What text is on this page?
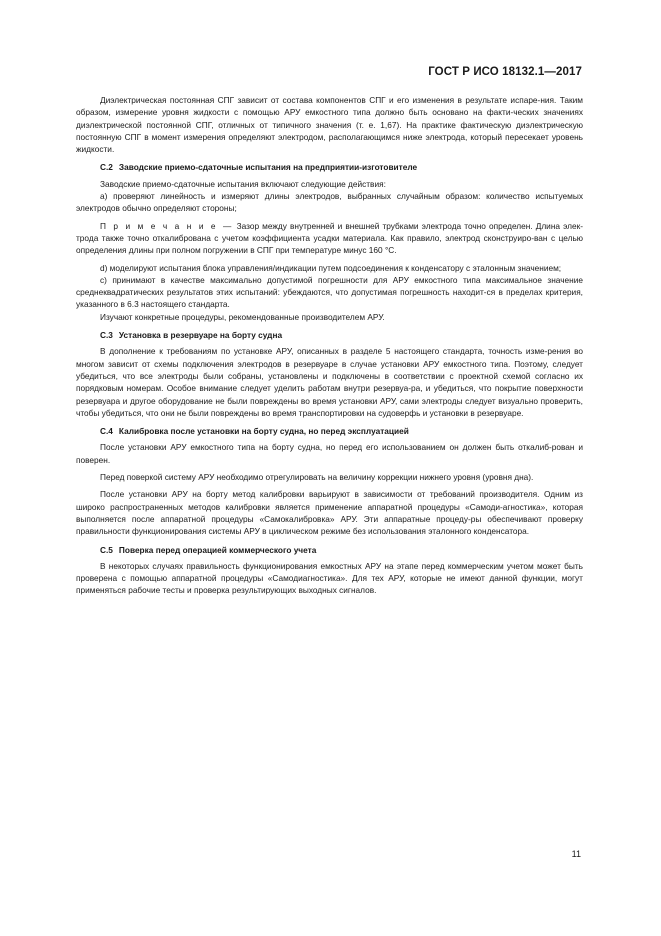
ГОСТ Р ИСО 18132.1—2017

Диэлектрическая постоянная СПГ зависит от состава компонентов СПГ и его изменения в результате испаре-ния. Таким образом, измерение уровня жидкости с помощью АРУ емкостного типа должно быть основано на факти-ческих значениях диэлектрической постоянной СПГ, отличных от типичного значения (т. е. 1,67). На практике фактическую диэлектрическую постоянную СПГ в момент измерения определяют электродом, располагающимся ниже электрода, который пересекает уровень жидкости.

С.2 Заводские приемо-сдаточные испытания на предприятии-изготовителе

Заводские приемо-сдаточные испытания включают следующие действия:

а) проверяют линейность и измеряют длины электродов, выбранных случайным образом: количество испытуемых электродов обычно определяют стороны;

П р и м е ч а н и е — Зазор между внутренней и внешней трубками электрода точно определен. Длина элек-трода также точно откалибрована с учетом коэффициента усадки материала. Как правило, электрод сконструиро-ван с целью определения длины при полном погружении в СПГ при температуре минус 160 °С.

d) моделируют испытания блока управления/индикации путем подсоединения к конденсатору с эталонным значением;

с) принимают в качестве максимально допустимой погрешности для АРУ емкостного типа максимальное значение среднеквадратических результатов этих испытаний: убеждаются, что допустимая погрешность находит-ся в пределах критерия, указанного в 6.3 настоящего стандарта.

Изучают конкретные процедуры, рекомендованные производителем АРУ.

С.3 Установка в резервуаре на борту судна

В дополнение к требованиям по установке АРУ, описанных в разделе 5 настоящего стандарта, точность изме-рения во многом зависит от схемы подключения электродов в резервуаре в случае установки АРУ емкостного типа. Поэтому, следует убедиться, что все электроды были собраны, установлены и подключены в соответствии с проектной схемой согласно их порядковым номерам. Особое внимание следует уделить работам внутри резервуа-ра, и убедиться, что покрытие поверхности резервуара и другое оборудование не были повреждены во время установки АРУ, сами электроды следует визуально проверить, чтобы убедиться, что они не были повреждены во время транспортировки на судоверфь и установки в резервуаре.

С.4 Калибровка после установки на борту судна, но перед эксплуатацией

После установки АРУ емкостного типа на борту судна, но перед его использованием он должен быть откалиб-рован и поверен.

Перед поверкой систему АРУ необходимо отрегулировать на величину коррекции нижнего уровня (уровня дна).

После установки АРУ на борту метод калибровки варьируют в зависимости от требований производителя. Одним из широко распространенных методов калибровки является применение аппаратной процедуры «Самоди-агностика», которая выполняется после аппаратной процедуры «Самокалибровка» АРУ. Эти аппаратные процеду-ры обеспечивают проверку правильности функционирования системы АРУ в циклическом режиме без использования эталонного конденсатора.

С.5 Поверка перед операцией коммерческого учета

В некоторых случаях правильность функционирования емкостных АРУ на этапе перед коммерческим учетом может быть проверена с помощью аппаратной процедуры «Самодиагностика». Для тех АРУ, которые не имеют данной функции, могут применяться рабочие тесты и проверка результирующих выходных сигналов.

11
